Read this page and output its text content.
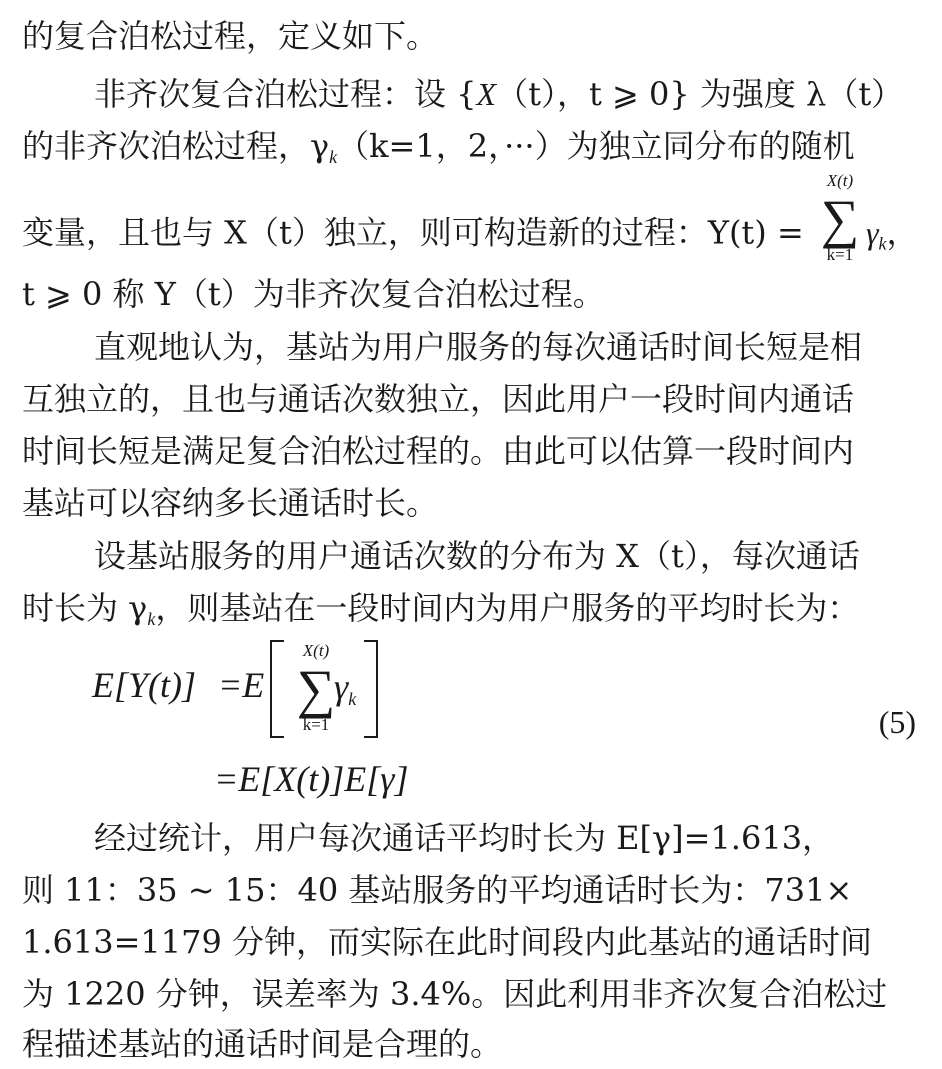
的复合泊松过程，定义如下。
非齐次复合泊松过程：设 {X（t），t ⩾ 0} 为强度 λ（t）
的非齐次泊松过程，$\gamma_k(k=1$，2，···）为独立同分布的随机
变量，且也与 X（t）独立，则可构造新的过程：Y(t) =
X(t)
∑
k=1
$\gamma_k$，
t ⩾ 0 称 Y（t）为非齐次复合泊松过程。
直观地认为，基站为用户服务的每次通话时间长短是相
互独立的，且也与通话次数独立，因此用户一段时间内通话
时间长短是满足复合泊松过程的。由此可以估算一段时间内
基站可以容纳多长通话时长。
设基站服务的用户通话次数的分布为 X（t），每次通话
时长为 $\gamma_k$，则基站在一段时间内为用户服务的平均时长为：
E[Y(t)] =E
X(t)
∑
k=1
$\gamma_k$
=E[X(t)]E[γ]
(5)
经过统计，用户每次通话平均时长为 E[γ]=1.613，
则 11：35 ~ 15：40 基站服务的平均通话时长为：731×
1.613=1179 分钟，而实际在此时间段内此基站的通话时间
为 1220 分钟，误差率为 3.4%。因此利用非齐次复合泊松过
程描述基站的通话时间是合理的。
